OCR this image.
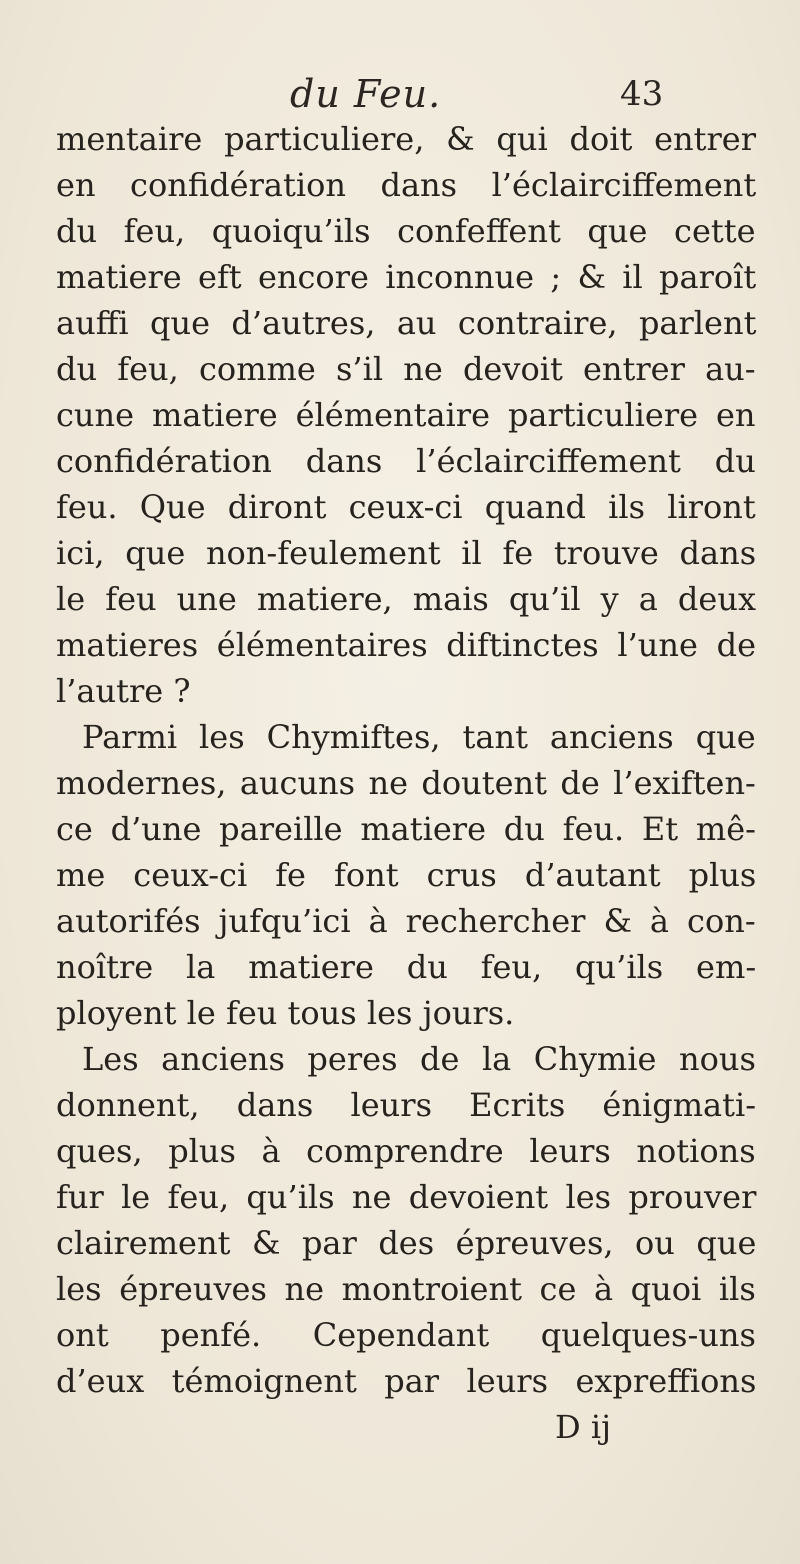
du Feu.	43
mentaire particuliere, & qui doit entrer
en confidération dans l’éclairciffement
du feu, quoiqu’ils confeffent que cette
matiere eft encore inconnue ; & il paroît
auffi que d’autres, au contraire, parlent
du feu, comme s’il ne devoit entrer au-
cune matiere élémentaire particuliere en
confidération dans l’éclairciffement du
feu. Que diront ceux-ci quand ils liront
ici, que non-feulement il fe trouve dans
le feu une matiere, mais qu’il y a deux
matieres élémentaires diftinctes l’une de
l’autre ?
Parmi les Chymiftes, tant anciens que
modernes, aucuns ne doutent de l’exiften-
ce d’une pareille matiere du feu. Et mê-
me ceux-ci fe font crus d’autant plus
autorifés jufqu’ici à rechercher & à con-
noître la matiere du feu, qu’ils em-
ployent le feu tous les jours.
Les anciens peres de la Chymie nous
donnent, dans leurs Ecrits énigmati-
ques, plus à comprendre leurs notions
fur le feu, qu’ils ne devoient les prouver
clairement & par des épreuves, ou que
les épreuves ne montroient ce à quoi ils
ont penfé. Cependant quelques-uns
d’eux témoignent par leurs expreffions
D ij
